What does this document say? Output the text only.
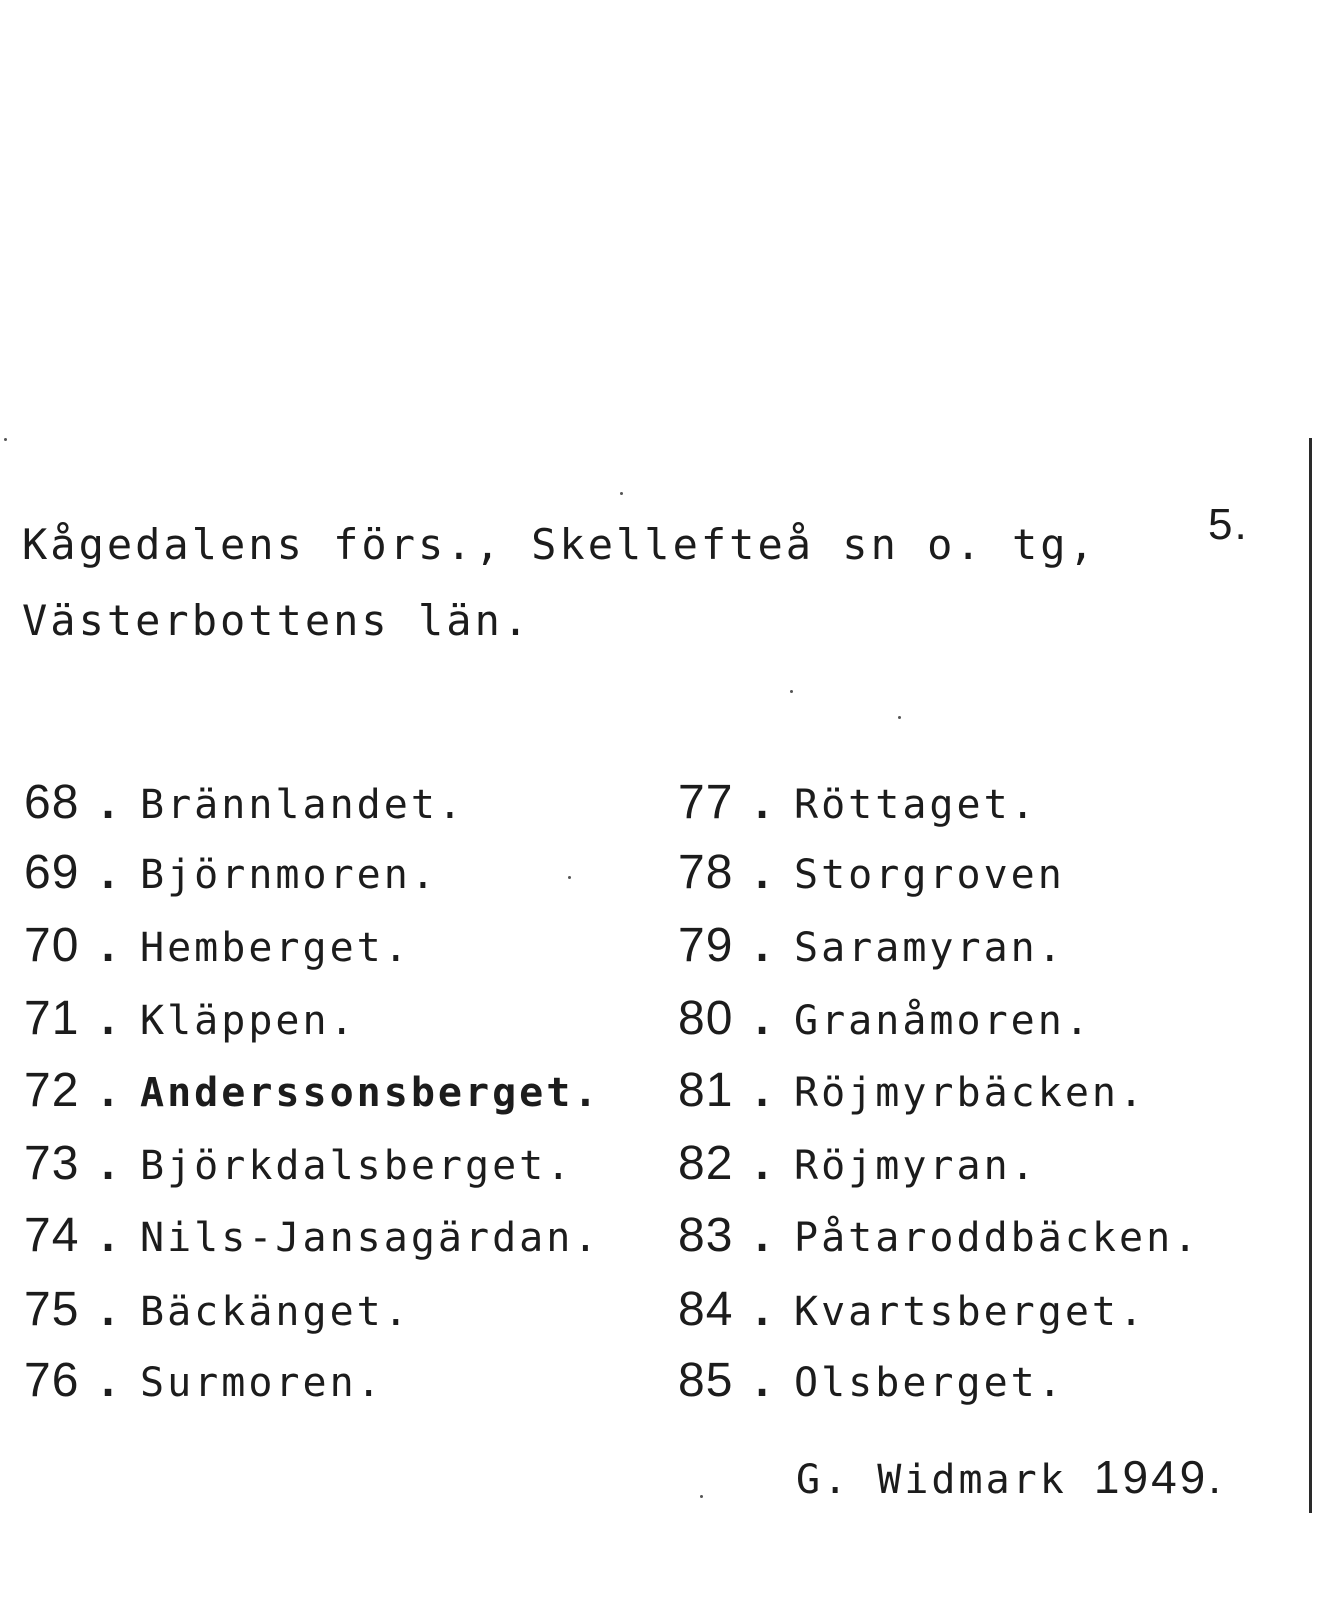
5.
Kågedalens förs., Skellefteå sn o. tg,
Västerbottens län.
68 . Brännlandet.
69 . Björnmoren.
70 . Hemberget.
71 . Kläppen.
72 . Anderssonsberget.
73 . Björkdalsberget.
74 . Nils-Jansagärdan.
75 . Bäckänget.
76 . Surmoren.
77 . Röttaget.
78 . Storgroven
79 . Saramyran.
80 . Granåmoren.
81 . Röjmyrbäcken.
82 . Röjmyran.
83 . Påtaroddbäcken.
84 . Kvartsberget.
85 . Olsberget.
G. Widmark 1949.
